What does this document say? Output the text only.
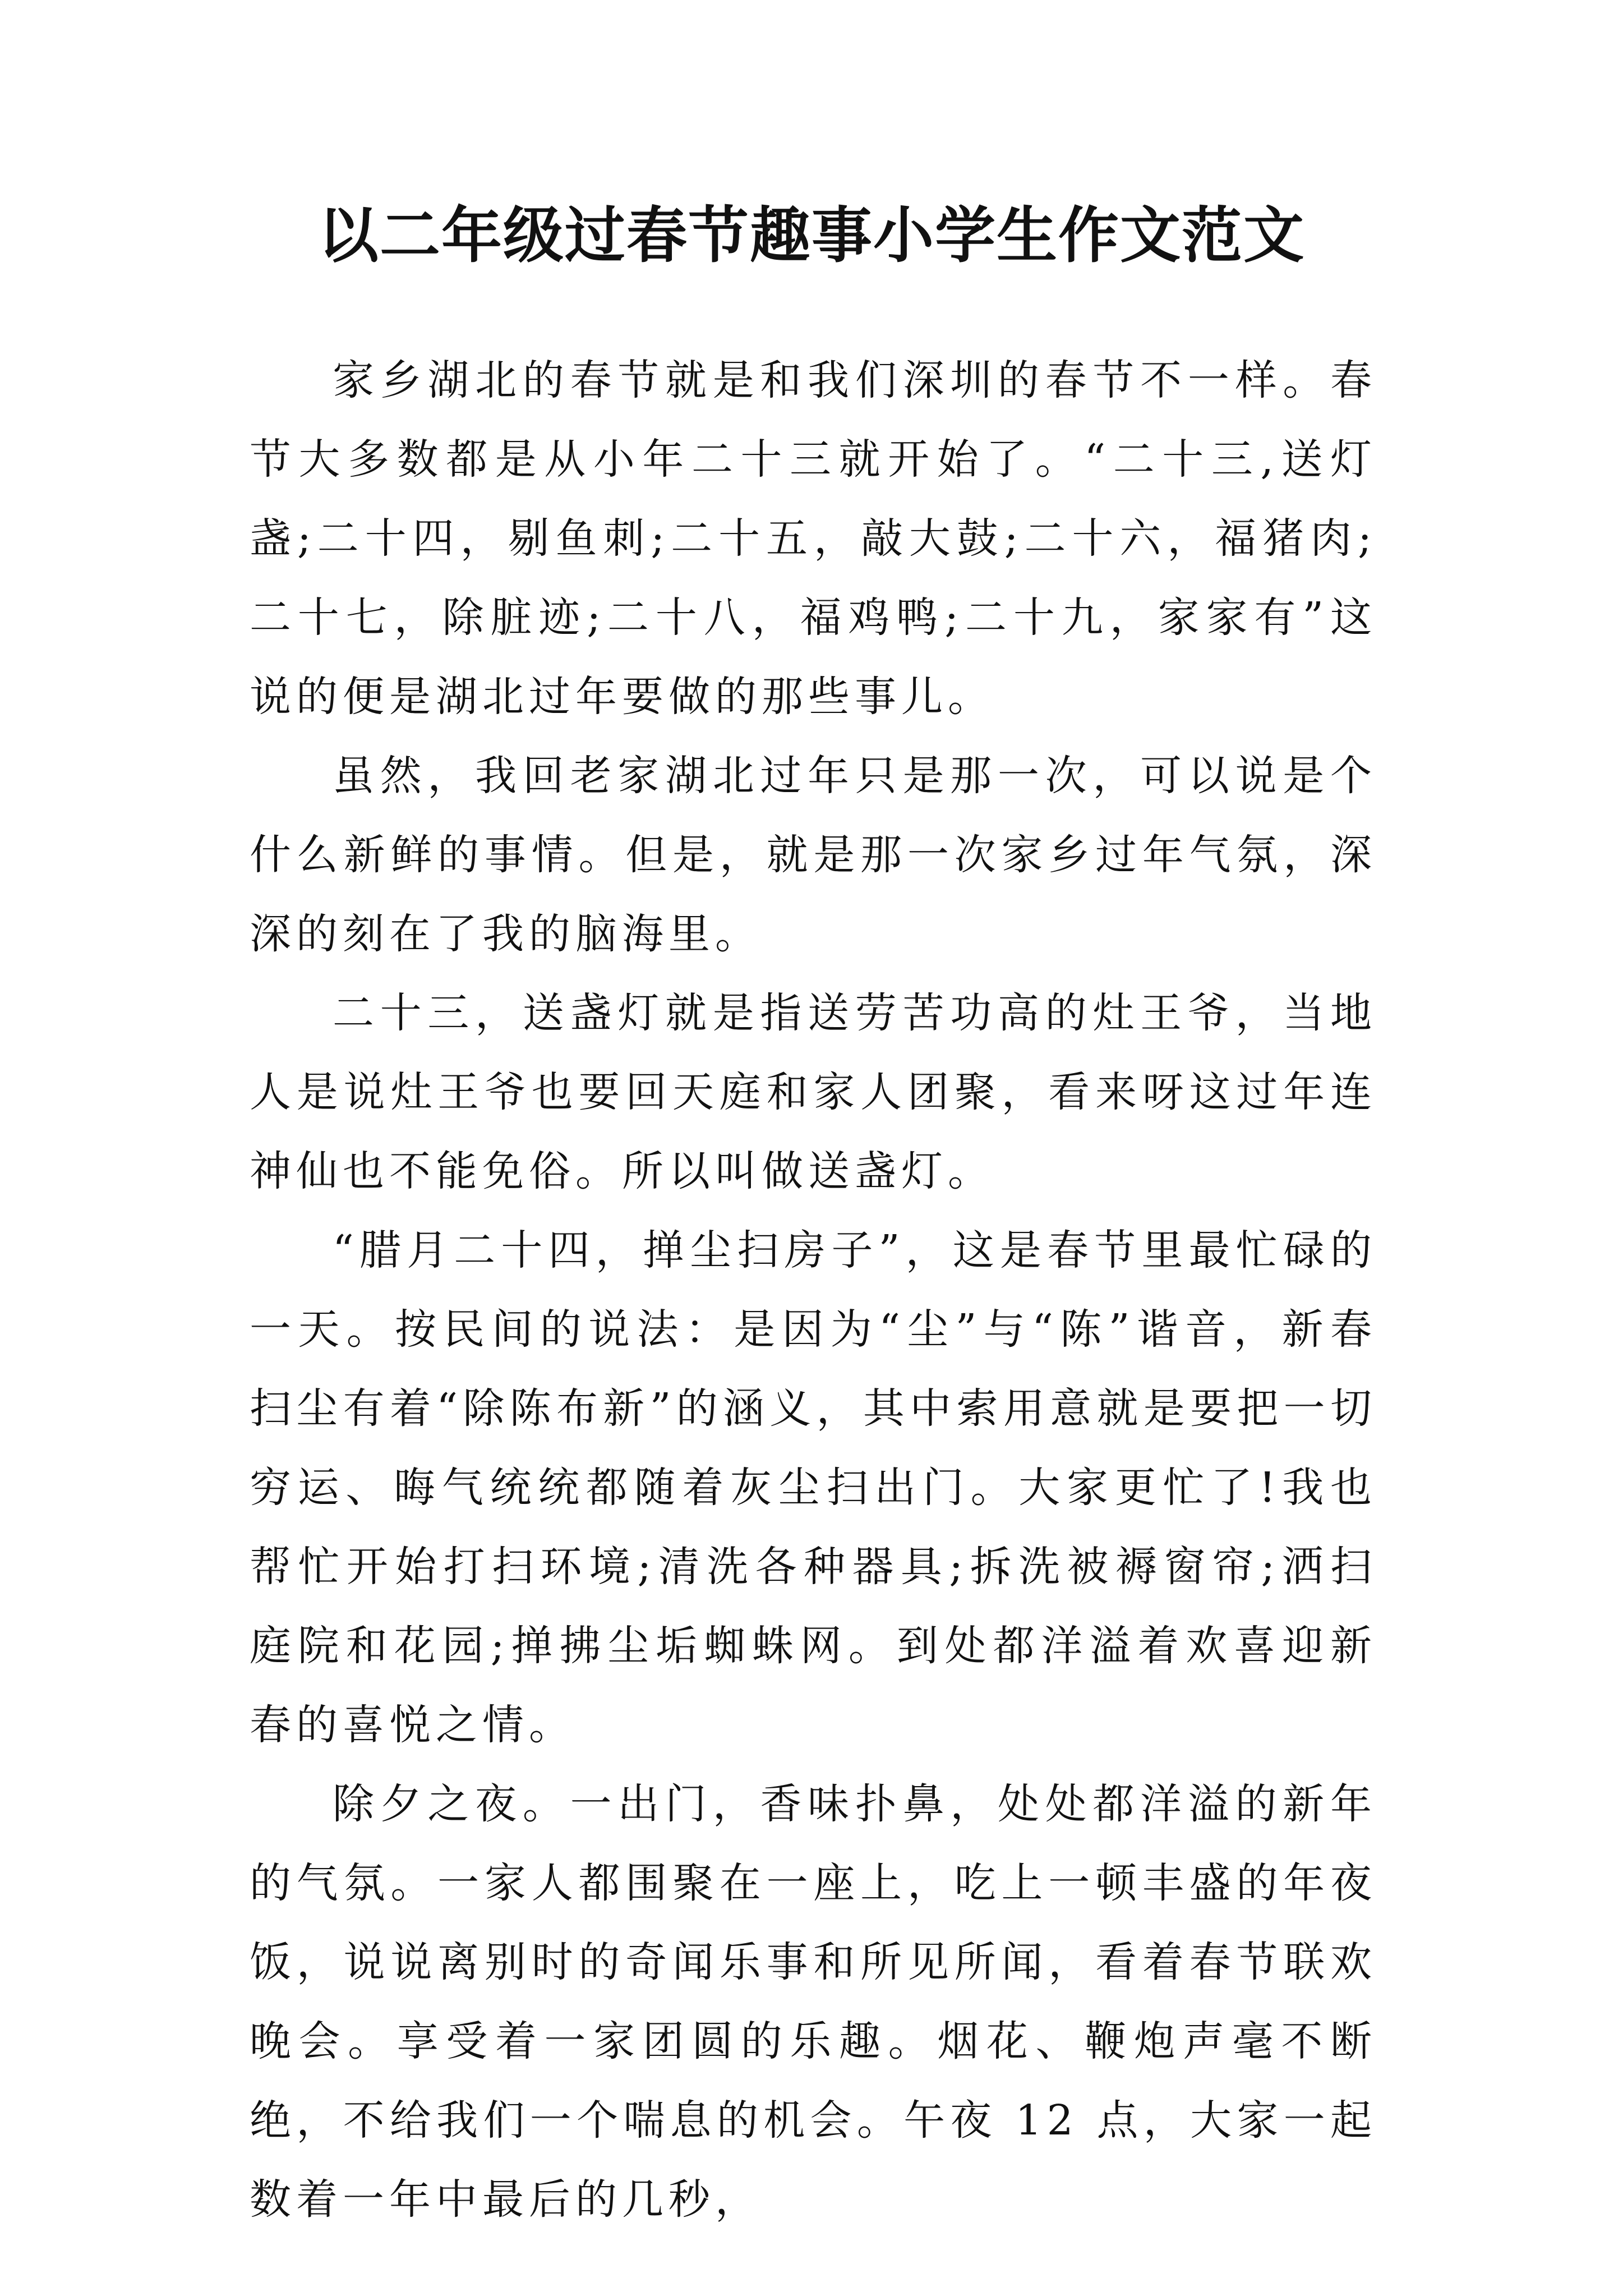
以二年级过春节趣事小学生作文范文

家乡湖北的春节就是和我们深圳的春节不一样。春节大多数都是从小年二十三就开始了。“二十三,送灯盏;二十四，剔鱼刺;二十五，敲大鼓;二十六，福猪肉;二十七，除脏迹;二十八，福鸡鸭;二十九，家家有”这说的便是湖北过年要做的那些事儿。

虽然，我回老家湖北过年只是那一次，可以说是个什么新鲜的事情。但是，就是那一次家乡过年气氛，深深的刻在了我的脑海里。

二十三，送盏灯就是指送劳苦功高的灶王爷，当地人是说灶王爷也要回天庭和家人团聚，看来呀这过年连神仙也不能免俗。所以叫做送盏灯。

“腊月二十四，掸尘扫房子”，这是春节里最忙碌的一天。按民间的说法：是因为“尘”与“陈”谐音，新春扫尘有着“除陈布新”的涵义，其中索用意就是要把一切穷运、晦气统统都随着灰尘扫出门。大家更忙了!我也帮忙开始打扫环境;清洗各种器具;拆洗被褥窗帘;洒扫庭院和花园;掸拂尘垢蜘蛛网。到处都洋溢着欢喜迎新春的喜悦之情。

除夕之夜。一出门，香味扑鼻，处处都洋溢的新年的气氛。一家人都围聚在一座上，吃上一顿丰盛的年夜饭，说说离别时的奇闻乐事和所见所闻，看着春节联欢晚会。享受着一家团圆的乐趣。烟花、鞭炮声毫不断绝，不给我们一个喘息的机会。午夜 12 点，大家一起数着一年中最后的几秒，
